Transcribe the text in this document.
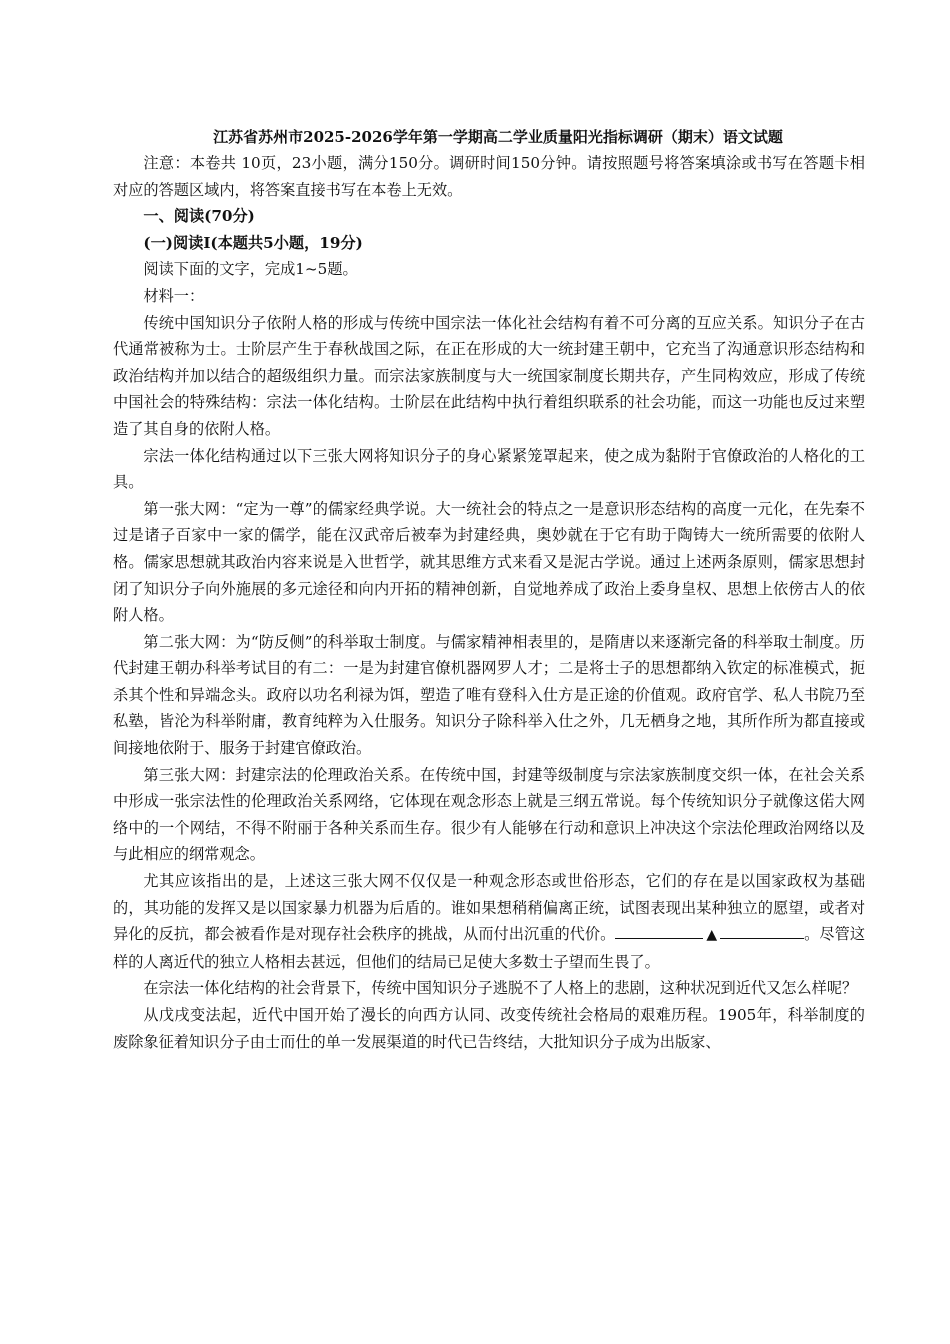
江苏省苏州市2025-2026学年第一学期高二学业质量阳光指标调研（期末）语文试题

注意：本卷共 10页，23小题，满分150分。调研时间150分钟。请按照题号将答案填涂或书写在答题卡相对应的答题区域内，将答案直接书写在本卷上无效。

一、阅读(70分)

(一)阅读Ⅰ(本题共5小题，19分)

阅读下面的文字，完成1~5题。

材料一：

传统中国知识分子依附人格的形成与传统中国宗法一体化社会结构有着不可分离的互应关系。知识分子在古代通常被称为士。士阶层产生于春秋战国之际，在正在形成的大一统封建王朝中，它充当了沟通意识形态结构和政治结构并加以结合的超级组织力量。而宗法家族制度与大一统国家制度长期共存，产生同构效应，形成了传统中国社会的特殊结构：宗法一体化结构。士阶层在此结构中执行着组织联系的社会功能，而这一功能也反过来塑造了其自身的依附人格。

宗法一体化结构通过以下三张大网将知识分子的身心紧紧笼罩起来，使之成为黏附于官僚政治的人格化的工具。

第一张大网：“定为一尊”的儒家经典学说。大一统社会的特点之一是意识形态结构的高度一元化，在先秦不过是诸子百家中一家的儒学，能在汉武帝后被奉为封建经典，奥妙就在于它有助于陶铸大一统所需要的依附人格。儒家思想就其政治内容来说是入世哲学，就其思维方式来看又是泥古学说。通过上述两条原则，儒家思想封闭了知识分子向外施展的多元途径和向内开拓的精神创新，自觉地养成了政治上委身皇权、思想上依傍古人的依附人格。

第二张大网：为“防反侧”的科举取士制度。与儒家精神相表里的，是隋唐以来逐渐完备的科举取士制度。历代封建王朝办科举考试目的有二：一是为封建官僚机器网罗人才；二是将士子的思想都纳入钦定的标准模式，扼杀其个性和异端念头。政府以功名利禄为饵，塑造了唯有登科入仕方是正途的价值观。政府官学、私人书院乃至私塾，皆沦为科举附庸，教育纯粹为入仕服务。知识分子除科举入仕之外，几无栖身之地，其所作所为都直接或间接地依附于、服务于封建官僚政治。

第三张大网：封建宗法的伦理政治关系。在传统中国，封建等级制度与宗法家族制度交织一体，在社会关系中形成一张宗法性的伦理政治关系网络，它体现在观念形态上就是三纲五常说。每个传统知识分子就像这偌大网络中的一个网结，不得不附丽于各种关系而生存。很少有人能够在行动和意识上冲决这个宗法伦理政治网络以及与此相应的纲常观念。

尤其应该指出的是，上述这三张大网不仅仅是一种观念形态或世俗形态，它们的存在是以国家政权为基础的，其功能的发挥又是以国家暴力机器为后盾的。谁如果想稍稍偏离正统，试图表现出某种独立的愿望，或者对异化的反抗，都会被看作是对现存社会秩序的挑战，从而付出沉重的代价。	▲	。尽管这样的人离近代的独立人格相去甚远，但他们的结局已足使大多数士子望而生畏了。

在宗法一体化结构的社会背景下，传统中国知识分子逃脱不了人格上的悲剧，这种状况到近代又怎么样呢？

从戊戌变法起，近代中国开始了漫长的向西方认同、改变传统社会格局的艰难历程。1905年，科举制度的废除象征着知识分子由士而仕的单一发展渠道的时代已告终结，大批知识分子成为出版家、
